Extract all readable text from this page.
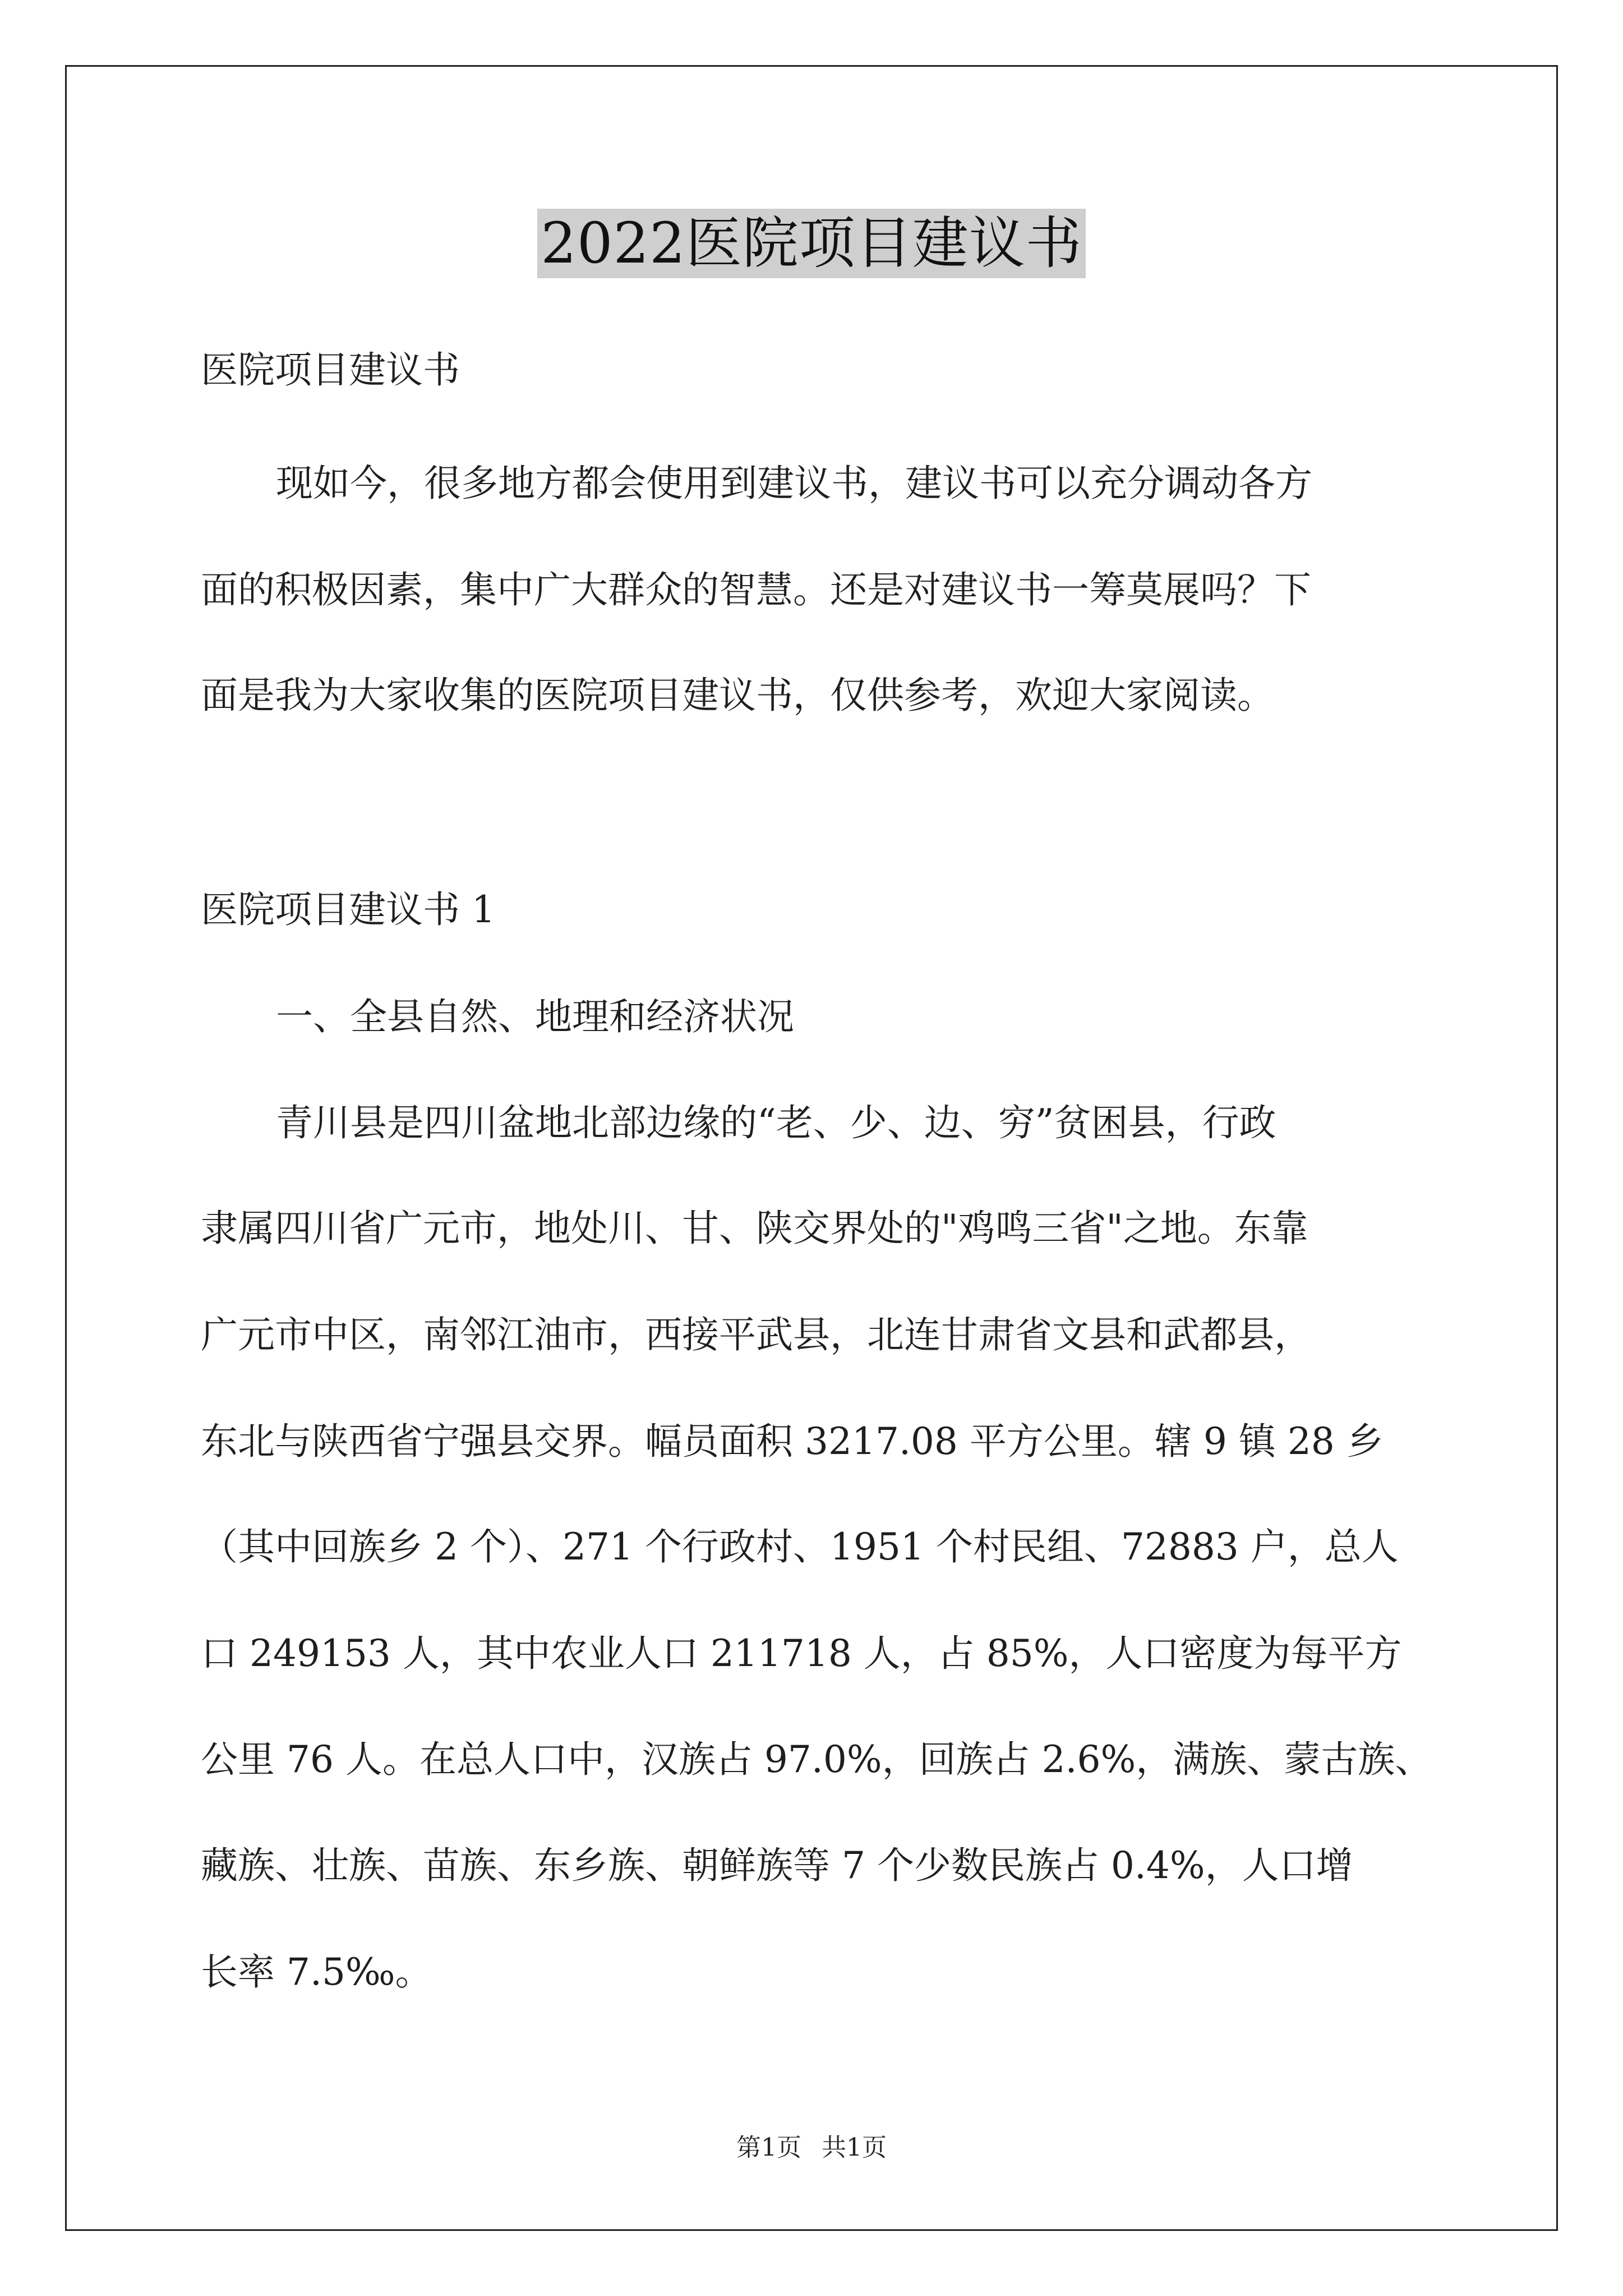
2022医院项目建议书
医院项目建议书
现如今，很多地方都会使用到建议书，建议书可以充分调动各方
面的积极因素，集中广大群众的智慧。还是对建议书一筹莫展吗？下
面是我为大家收集的医院项目建议书，仅供参考，欢迎大家阅读。
医院项目建议书 1
一、全县自然、地理和经济状况
青川县是四川盆地北部边缘的“老、少、边、穷”贫困县，行政
隶属四川省广元市，地处川、甘、陕交界处的"鸡鸣三省"之地。东靠
广元市中区，南邻江油市，西接平武县，北连甘肃省文县和武都县，
东北与陕西省宁强县交界。幅员面积 3217.08 平方公里。辖 9 镇 28 乡
（其中回族乡 2 个）、271 个行政村、1951 个村民组、72883 户，总人
口 249153 人，其中农业人口 211718 人，占 85%，人口密度为每平方
公里 76 人。在总人口中，汉族占 97.0%，回族占 2.6%，满族、蒙古族、
藏族、壮族、苗族、东乡族、朝鲜族等 7 个少数民族占 0.4%，人口增
长率 7.5‰。
第1页 共1页
